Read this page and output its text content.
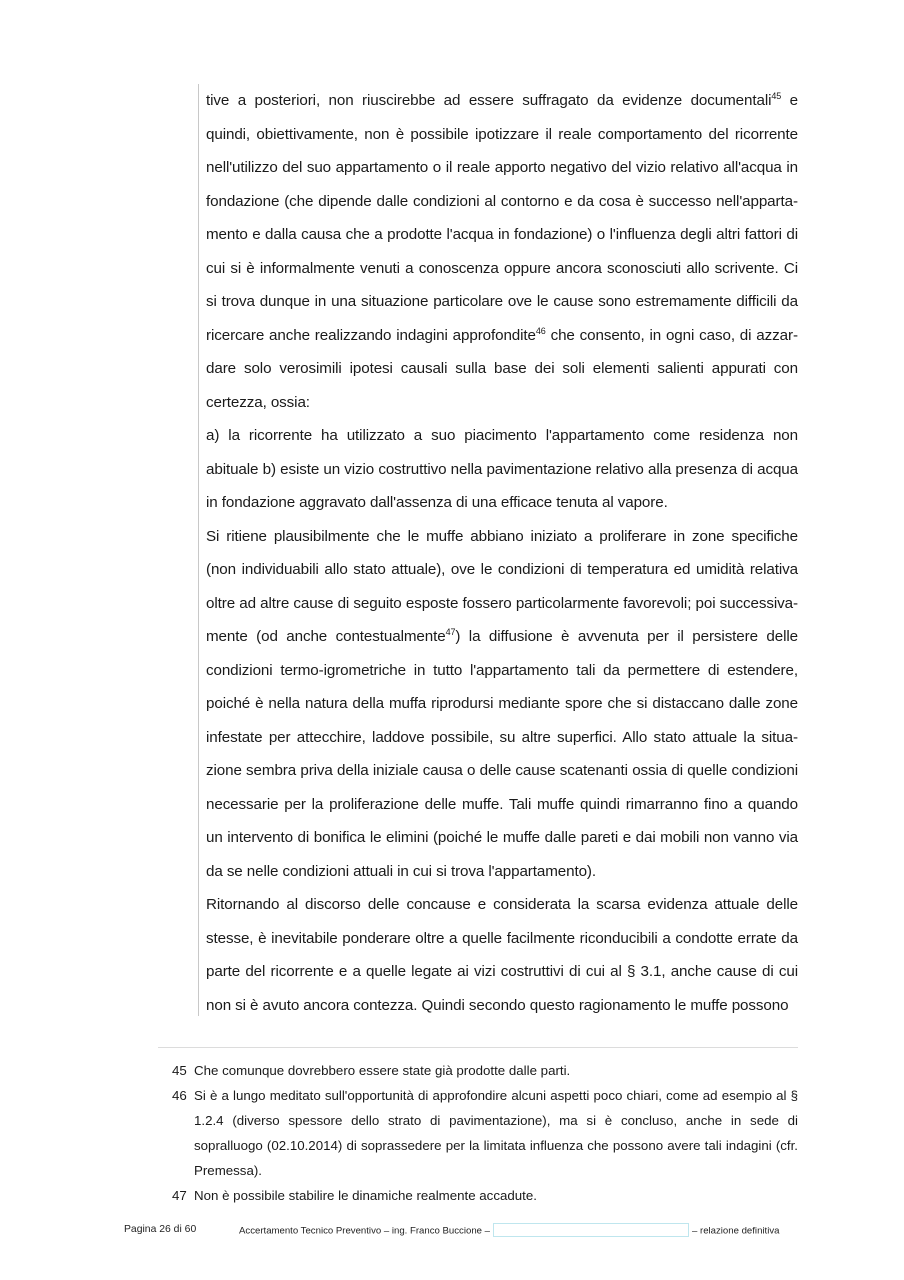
tive a posteriori, non riuscirebbe ad essere suffragato da evidenze documentali$^{45}$ e quindi, obiettivamente, non è possibile ipotizzare il reale comportamento del ricorrente nell'utilizzo del suo appartamento o il reale apporto negativo del vizio relativo all'acqua in fondazione (che dipende dalle condizioni al contorno e da cosa è successo nell'appartamento e dalla causa che a prodotte l'acqua in fondazione) o l'influenza degli altri fattori di cui si è informalmente venuti a conoscenza oppure ancora sconosciuti allo scrivente. Ci si trova dunque in una situazione particolare ove le cause sono estremamente difficili da ricercare anche realizzando indagini approfondite$^{46}$ che consento, in ogni caso, di azzardare solo verosimili ipotesi causali sulla base dei soli elementi salienti appurati con certezza, ossia:

a) la ricorrente ha utilizzato a suo piacimento l'appartamento come residenza non abituale b) esiste un vizio costruttivo nella pavimentazione relativo alla presenza di acqua in fondazione aggravato dall'assenza di una efficace tenuta al vapore.

Si ritiene plausibilmente che le muffe abbiano iniziato a proliferare in zone specifiche (non individuabili allo stato attuale), ove le condizioni di temperatura ed umidità relativa oltre ad altre cause di seguito esposte fossero particolarmente favorevoli; poi successivamente (od anche contestualmente$^{47}$) la diffusione è avvenuta per il persistere delle condizioni termo-igrometriche in tutto l'appartamento tali da permettere di estendere, poiché è nella natura della muffa riprodursi mediante spore che si distaccano dalle zone infestate per attecchire, laddove possibile, su altre superfici. Allo stato attuale la situazione sembra priva della iniziale causa o delle cause scatenanti ossia di quelle condizioni necessarie per la proliferazione delle muffe. Tali muffe quindi rimarranno fino a quando un intervento di bonifica le elimini (poiché le muffe dalle pareti e dai mobili non vanno via da se nelle condizioni attuali in cui si trova l'appartamento).

Ritornando al discorso delle concause e considerata la scarsa evidenza attuale delle stesse, è inevitabile ponderare oltre a quelle facilmente riconducibili a condotte errate da parte del ricorrente e a quelle legate ai vizi costruttivi di cui al § 3.1, anche cause di cui non si è avuto ancora contezza. Quindi secondo questo ragionamento le muffe possono

45 Che comunque dovrebbero essere state già prodotte dalle parti.
46 Si è a lungo meditato sull'opportunità di approfondire alcuni aspetti poco chiari, come ad esempio al § 1.2.4 (diverso spessore dello strato di pavimentazione), ma si è concluso, anche in sede di sopralluogo (02.10.2014) di soprassedere per la limitata influenza che possono avere tali indagini (cfr. Premessa).
47 Non è possibile stabilire le dinamiche realmente accadute.
Pagina 26 di 60	Accertamento Tecnico Preventivo – ing. Franco Buccione –	– relazione definitiva
